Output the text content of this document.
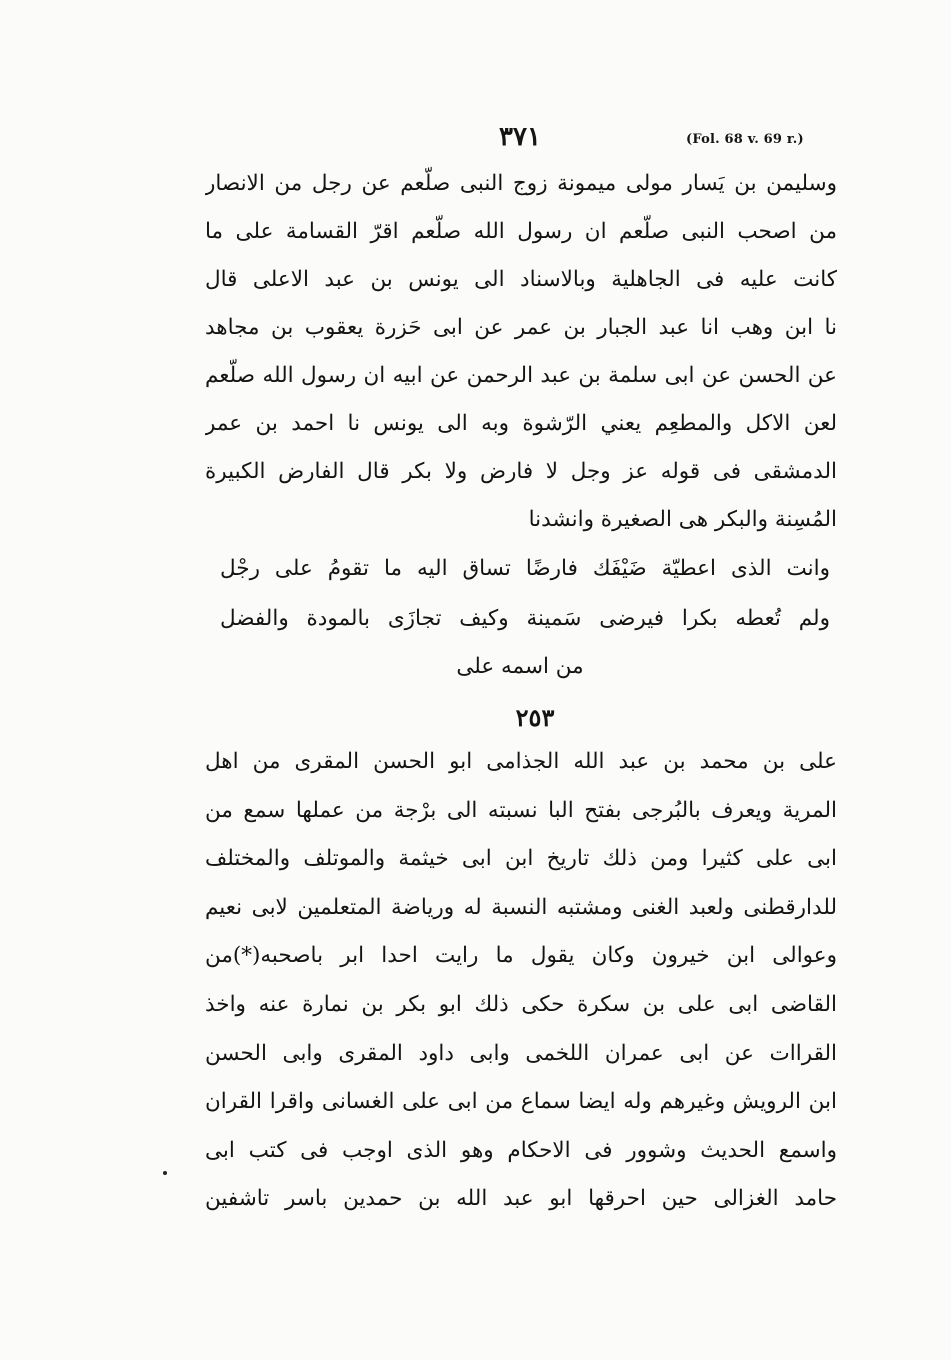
٣٧١	(Fol. 68 v. 69 r.)
وسليمن بن يَسار مولى ميمونة زوج النبى صلّعم عن رجل من الانصار
من اصحب النبى صلّعم ان رسول الله صلّعم اقرّ القسامة على ما
كانت عليه فى الجاهلية وبالاسناد الى يونس بن عبد الاعلى قال
نا ابن وهب انا عبد الجبار بن عمر عن ابى حَزرة يعقوب بن مجاهد
عن الحسن عن ابى سلمة بن عبد الرحمن عن ابيه ان رسول الله صلّعم
لعن الاكل والمطعِم يعني الرّشوة وبه الى يونس نا احمد بن عمر
الدمشقى فى قوله عز وجل لا فارض ولا بكر قال الفارض الكبيرة
المُسِنة والبكر هى الصغيرة وانشدنا
وانت الذى اعطيّة ضَيْفَك فارضًا تساق اليه ما تقومُ على رجْل
ولم تُعطه بكرا فيرضى سَمينة وكيف تجازَى بالمودة والفضل
من اسمه على
٢٥٣
على بن محمد بن عبد الله الجذامى ابو الحسن المقرى من اهل
المرية ويعرف بالبُرجى بفتح البا نسبته الى برْجة من عملها سمع من
ابى على كثيرا ومن ذلك تاريخ ابن ابى خيثمة والموتلف والمختلف
للدارقطنى ولعبد الغنى ومشتبه النسبة له ورياضة المتعلمين لابى نعيم
وعوالى ابن خيرون وكان يقول ما رايت احدا ابر باصحبه(*)من
القاضى ابى على بن سكرة حكى ذلك ابو بكر بن نمارة عنه واخذ
القراات عن ابى عمران اللخمى وابى داود المقرى وابى الحسن
ابن الرويش وغيرهم وله ايضا سماع من ابى على الغسانى واقرا القران
واسمع الحديث وشوور فى الاحكام وهو الذى اوجب فى كتب ابى
حامد الغزالى حين احرقها ابو عبد الله بن حمدين باسر تاشفين
